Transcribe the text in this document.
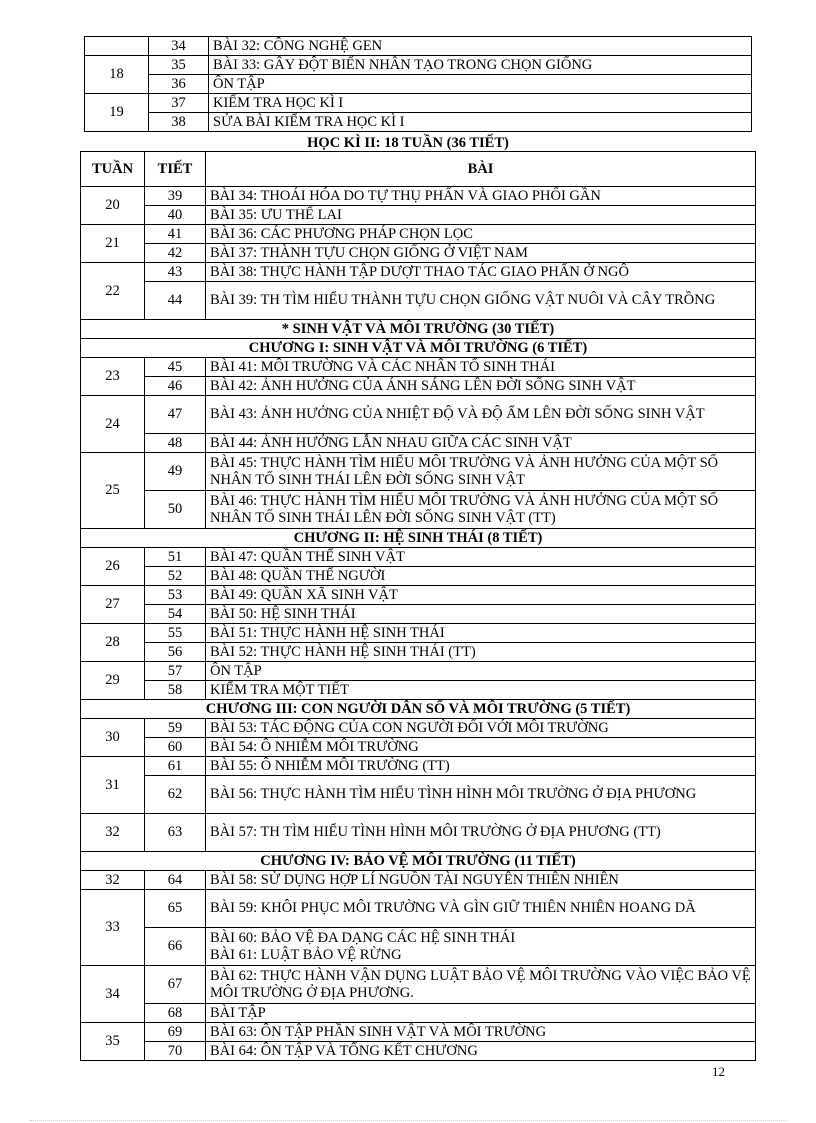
	34	BÀI 32: CÔNG NGHỆ GEN
18	35	BÀI 33: GÂY ĐỘT BIẾN NHÂN TẠO TRONG CHỌN GIỐNG
	36	ÔN TẬP
19	37	KIỂM TRA HỌC KÌ I
	38	SỬA BÀI KIỂM TRA HỌC KÌ I
HỌC KÌ II: 18 TUẦN (36 TIẾT)
TUẦN	TIẾT	BÀI
20	39	BÀI 34: THOÁI HÓA DO TỰ THỤ PHẤN VÀ GIAO PHỐI GẦN
	40	BÀI 35: ƯU THẾ LAI
21	41	BÀI 36: CÁC PHƯƠNG PHÁP CHỌN LỌC
	42	BÀI 37: THÀNH TỰU CHỌN GIỐNG Ở VIỆT NAM
22	43	BÀI 38: THỰC HÀNH TẬP DƯỢT THAO TÁC GIAO PHẤN Ở NGÔ
	44	BÀI 39: TH TÌM HIỂU THÀNH TỰU CHỌN GIỐNG VẬT NUÔI VÀ CÂY TRỒNG
* SINH VẬT VÀ MÔI TRƯỜNG (30 TIẾT)		
CHƯƠNG I: SINH VẬT VÀ MÔI TRƯỜNG (6 TIẾT)		
23	45	BÀI 41: MÔI TRƯỜNG VÀ CÁC NHÂN TỐ SINH THÁI
	46	BÀI 42: ẢNH HƯỞNG CỦA ÁNH SÁNG LÊN ĐỜI SỐNG SINH VẬT
24	47	BÀI 43: ẢNH HƯỞNG CỦA NHIỆT ĐỘ VÀ ĐỘ ẨM LÊN ĐỜI SỐNG SINH VẬT
	48	BÀI 44: ẢNH HƯỞNG LẪN NHAU GIỮA CÁC SINH VẬT
25	49	BÀI 45: THỰC HÀNH TÌM HIỂU MÔI TRƯỜNG VÀ ẢNH HƯỞNG CỦA MỘT SỐ NHÂN TỐ SINH THÁI LÊN ĐỜI SỐNG SINH VẬT
	50	BÀI 46: THỰC HÀNH TÌM HIỂU MÔI TRƯỜNG VÀ ẢNH HƯỞNG CỦA MỘT SỐ NHÂN TỐ SINH THÁI LÊN ĐỜI SỐNG SINH VẬT (TT)
CHƯƠNG II: HỆ SINH THÁI (8 TIẾT)		
26	51	BÀI 47: QUẦN THỂ SINH VẬT
	52	BÀI 48: QUẦN THỂ NGƯỜI
27	53	BÀI 49: QUẦN XÃ SINH VẬT
	54	BÀI 50: HỆ SINH THÁI
28	55	BÀI 51: THỰC HÀNH HỆ SINH THÁI
	56	BÀI 52: THỰC HÀNH HỆ SINH THÁI (TT)
29	57	ÔN TẬP
	58	KIỂM TRA MỘT TIẾT
CHƯƠNG III: CON NGƯỜI DÂN SỐ VÀ MÔI TRƯỜNG (5 TIẾT)		
30	59	BÀI 53: TÁC ĐỘNG CỦA CON NGƯỜI ĐỐI VỚI MÔI TRƯỜNG
	60	BÀI 54: Ô NHIỄM MÔI TRƯỜNG
31	61	BÀI 55: Ô NHIỄM MÔI TRƯỜNG (TT)
	62	BÀI 56: THỰC HÀNH TÌM HIỂU TÌNH HÌNH MÔI TRƯỜNG Ở ĐỊA PHƯƠNG
32	63	BÀI 57: TH TÌM HIỂU TÌNH HÌNH MÔI TRƯỜNG Ở ĐỊA PHƯƠNG (TT)
CHƯƠNG IV: BẢO VỆ MÔI TRƯỜNG (11 TIẾT)		
32	64	BÀI 58: SỬ DỤNG HỢP LÍ NGUỒN TÀI NGUYÊN THIÊN NHIÊN
33	65	BÀI 59: KHÔI PHỤC MÔI TRƯỜNG VÀ GÌN GIỮ THIÊN NHIÊN HOANG DÃ
	66	BÀI 60: BẢO VỆ ĐA DẠNG CÁC HỆ SINH THÁI
BÀI 61: LUẬT BẢO VỆ RỪNG
34	67	BÀI 62: THỰC HÀNH VẬN DỤNG LUẬT BẢO VỆ MÔI TRƯỜNG VÀO VIỆC BẢO VỆ MÔI TRƯỜNG Ở ĐỊA PHƯƠNG.
	68	BÀI TẬP
35	69	BÀI 63: ÔN TẬP PHẦN SINH VẬT VÀ MÔI TRƯỜNG
	70	BÀI 64: ÔN TẬP VÀ TỔNG KẾT CHƯƠNG
12
